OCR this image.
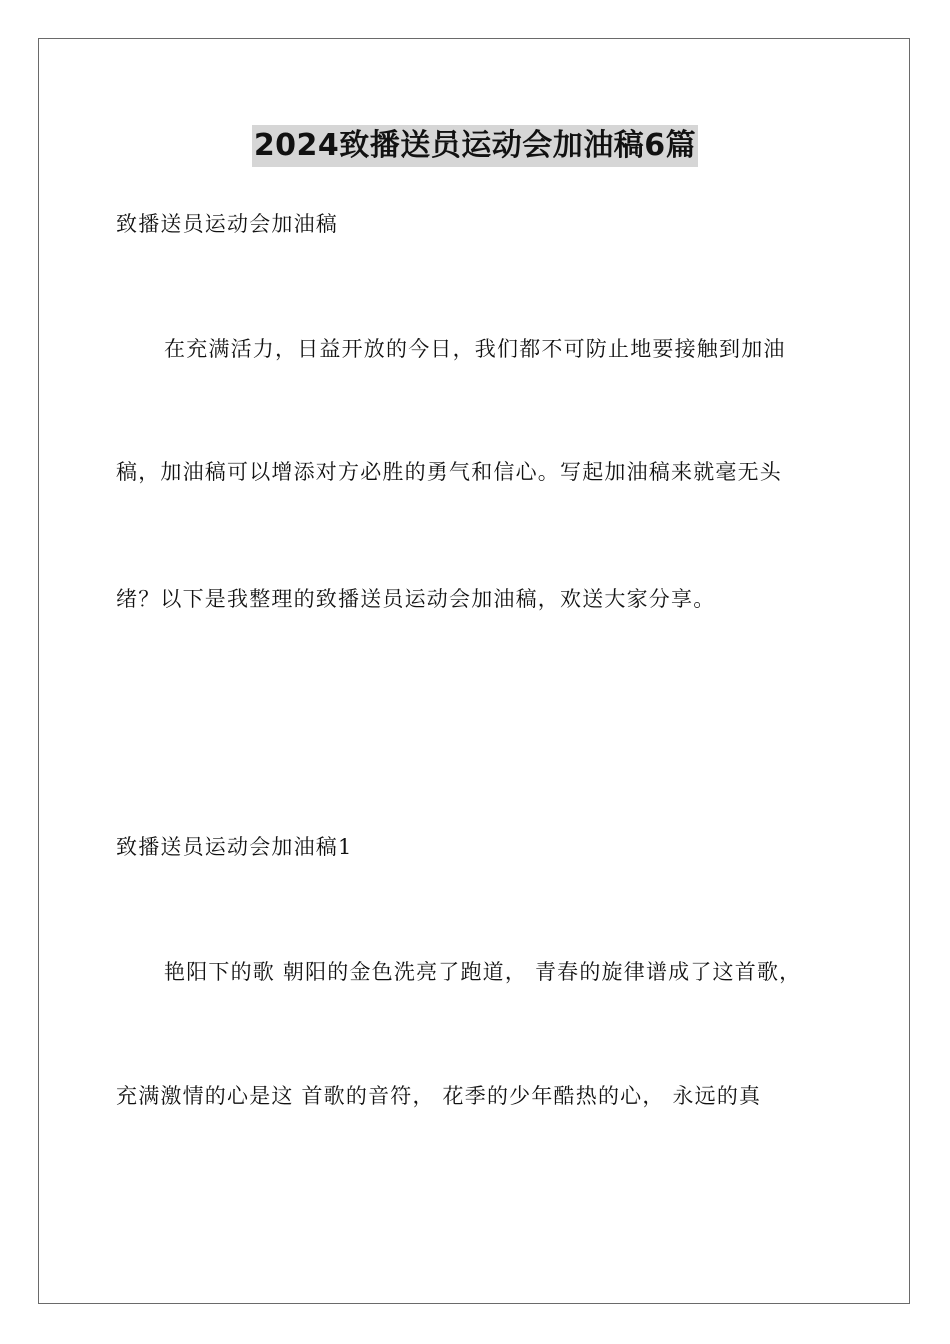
2024致播送员运动会加油稿6篇
致播送员运动会加油稿
在充满活力，日益开放的今日，我们都不可防止地要接触到加油
稿，加油稿可以增添对方必胜的勇气和信心。写起加油稿来就毫无头
绪？以下是我整理的致播送员运动会加油稿，欢送大家分享。
致播送员运动会加油稿1
艳阳下的歌 朝阳的金色洗亮了跑道， 青春的旋律谱成了这首歌，
充满激情的心是这 首歌的音符， 花季的少年酷热的心， 永远的真
